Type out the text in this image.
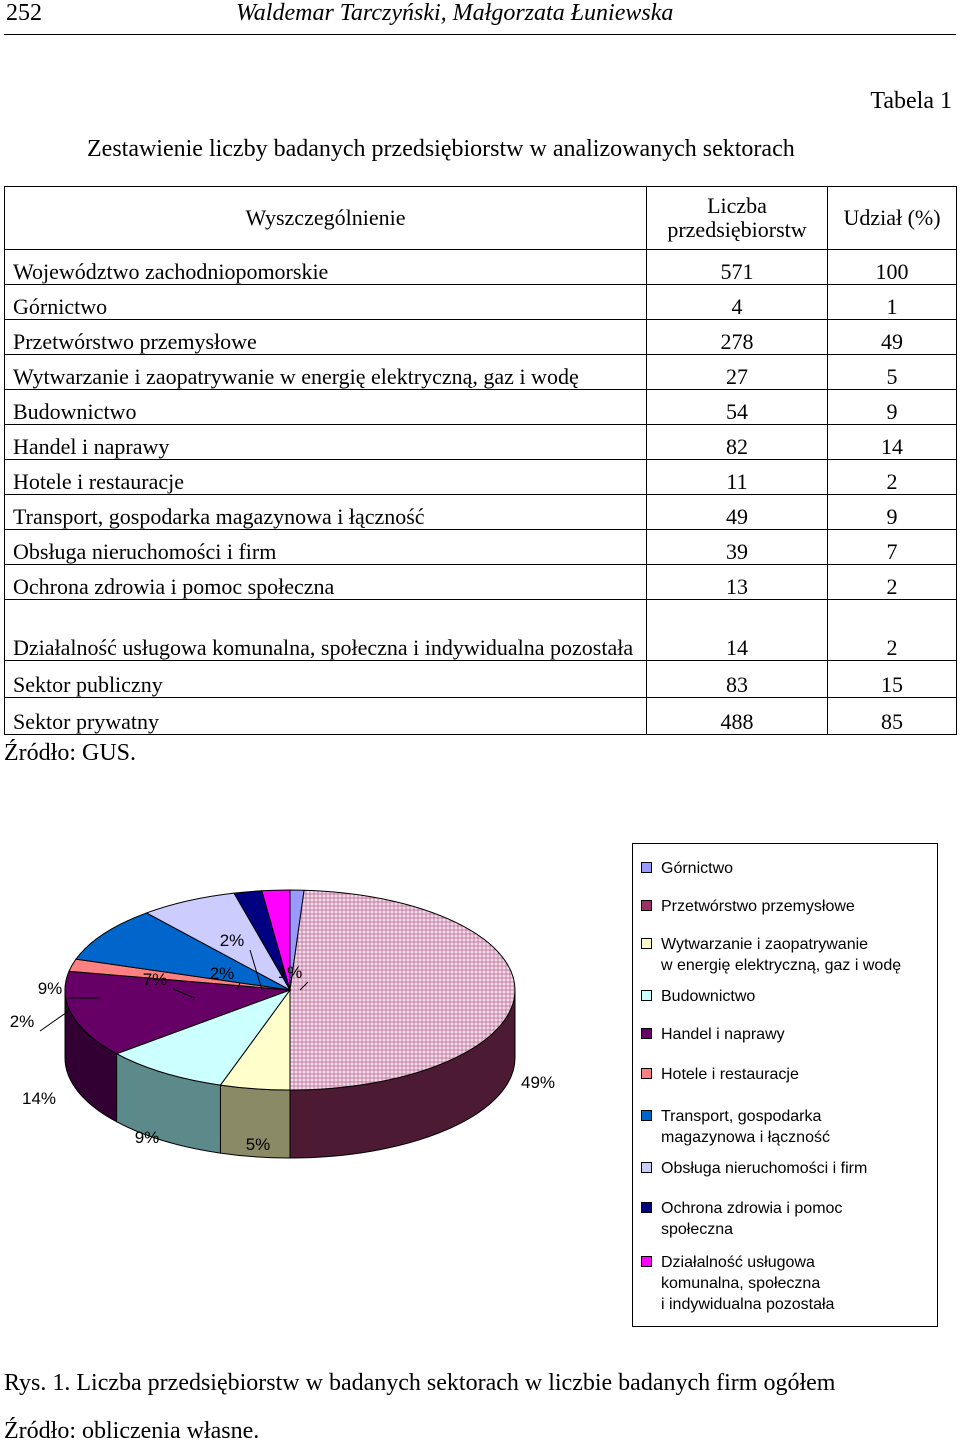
252	Waldemar Tarczyński, Małgorzata Łuniewska
Tabela 1
Zestawienie liczby badanych przedsiębiorstw w analizowanych sektorach
Wyszczególnienie	Liczba przedsiębiorstw	Udział (%)
Województwo zachodniopomorskie	571	100
Górnictwo	4	1
Przetwórstwo przemysłowe	278	49
Wytwarzanie i zaopatrywanie w energię elektryczną, gaz i wodę	27	5
Budownictwo	54	9
Handel i naprawy	82	14
Hotele i restauracje	11	2
Transport, gospodarka magazynowa i łączność	49	9
Obsługa nieruchomości i firm	39	7
Ochrona zdrowia i pomoc społeczna	13	2
Działalność usługowa komunalna, społeczna i indywidualna pozostała	14	2
Sektor publiczny	83	15
Sektor prywatny	488	85
Źródło: GUS.
1%
49%
5%
9%
14%
2%
9%	7% 2%
2%
Górnictwo
Przetwórstwo przemysłowe
Wytwarzanie i zaopatrywanie
w energię elektryczną, gaz i wodę
Budownictwo
Handel i naprawy
Hotele i restauracje
Transport, gospodarka
magazynowa i łączność
Obsługa nieruchomości i firm
Ochrona zdrowia i pomoc
społeczna
Działalność usługowa
komunalna, społeczna
i indywidualna pozostała
Rys. 1. Liczba przedsiębiorstw w badanych sektorach w liczbie badanych firm ogółem
Źródło: obliczenia własne.
